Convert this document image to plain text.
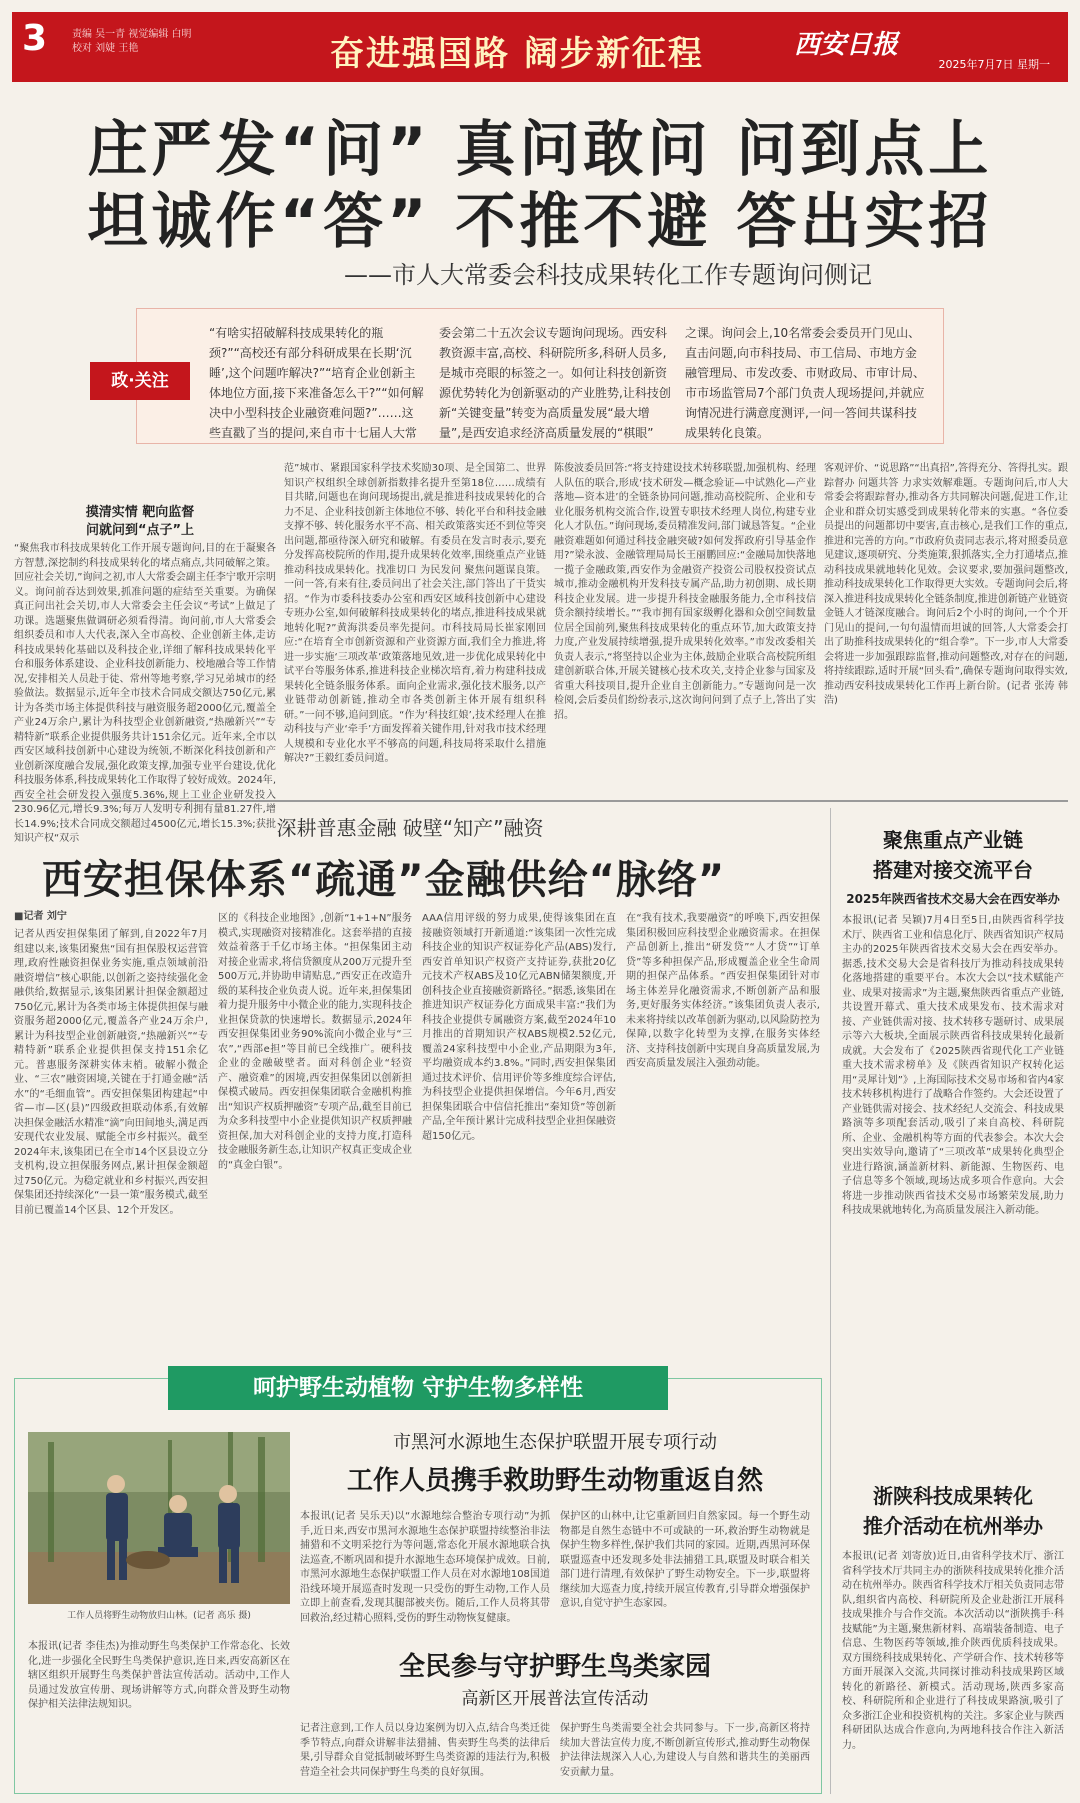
3 责编 吴一青 视觉编辑 白明
校对 刘婕 王艳	奋进强国路 阔步新征程	西安日报
2025年7月7日 星期一
庄严发“问” 真问敢问 问到点上
坦诚作“答” 不推不避 答出实招
——市人大常委会科技成果转化工作专题询问侧记
“有啥实招破解科技成果转化的瓶颈?”“高校还有部分科研成果在长期‘沉睡’,这个问题咋解决?”“培育企业创新主体地位方面,接下来准备怎么干?”“如何解决中小型科技企业融资难问题?”……这些直戳了当的提问,来自市十七届人大常
委会第二十五次会议专题询问现场。西安科教资源丰富,高校、科研院所多,科研人员多,是城市亮眼的标签之一。如何让科技创新资源优势转化为创新驱动的产业胜势,让科技创新“关键变量”转变为高质量发展“最大增量”,是西安追求经济高质量发展的“棋眼”
之课。询问会上,10名常委会委员开门见山、直击问题,向市科技局、市工信局、市地方金融管理局、市发改委、市财政局、市审计局、市市场监管局7个部门负责人现场提问,并就应询情况进行满意度测评,一问一答间共谋科技成果转化良策。
政·关注
摸清实情 靶向监督
问就问到“点子”上
“聚焦我市科技成果转化工作开展专题询问,目的在于凝聚各方智慧,深挖制约科技成果转化的堵点痛点,共同破解之策。回应社会关切,”询问之初,市人大常委会副主任李宁歌开宗明义。询问前吞达到效果,抓准问题的症结至关重要。为确保真正问出社会关切,市人大常委会主任会议“考试”上做足了功课。选题聚焦做调研必须看得清。询问前,市人大常委会组织委员和市人大代表,深入全市高校、企业创新主体,走访科技成果转化基础以及科技企业,详细了解科技成果转化平台和服务体系建设、企业科技创新能力、校地融合等工作情况,安排相关人员赴于徒、常州等地考察,学习兄弟城市的经验做法。数据显示,近年全市技术合同成交额达750亿元,累计为各类市场主体提供科技与融资服务超2000亿元,覆盖全产业24万余户,累计为科技型企业创新融资,“热融新兴”“专精特新”联系企业提供服务共计151余亿元。近年来,全市以西安区域科技创新中心建设为统领,不断深化科技创新和产业创新深度融合发展,强化政策支撑,加强专业平台建设,优化科技服务体系,科技成果转化工作取得了较好成效。2024年,西安全社会研发投入强度5.36%,规上工业企业研发投入230.96亿元,增长9.3%;每万人发明专利拥有量81.27件,增长14.9%;技术合同成交额超过4500亿元,增长15.3%;获批知识产权“双示
范”城市、紧跟国家科学技术奖励30项、是全国第二、世界知识产权组织全球创新指数排名提升至第18位……成绩有目共睹,问题也在询问现场提出,就是推进科技成果转化的合力不足、企业科技创新主体地位不够、转化平台和科技金融支撑不够、转化服务水平不高、相关政策落实还不到位等突出问题,都亟待深入研究和破解。有委员在发言时表示,要充分发挥高校院所的作用,提升成果转化效率,围绕重点产业链推动科技成果转化。找准切口 为民发问 聚焦问题谋良策。一问一答,有来有往,委员问出了社会关注,部门答出了干货实招。“作为市委科技委办公室和西安区域科技创新中心建设专班办公室,如何破解科技成果转化的堵点,推进科技成果就地转化呢?”黄海洪委员率先提问。市科技局局长崔家刚回应:“在培育全市创新资源和产业资源方面,我们全力推进,将进一步实施‘三项改革’政策落地见效,进一步优化成果转化中试平台等服务体系,推进科技企业梯次培育,着力构建科技成果转化全链条服务体系。面向企业需求,强化技术服务,以产业链带动创新链,推动全市各类创新主体开展有组织科研。”一问不够,追问到底。“作为‘科技红娘’,技术经理人在推动科技与产业‘牵手’方面发挥着关键作用,针对我市技术经理人规模和专业化水平不够高的问题,科技局将采取什么措施解决?”王毅红委员问道。
陈俊波委员回答:“将支持建设技术转移联盟,加强机构、经理人队伍的联合,形成‘技术研发—概念验证—中试熟化—产业落地—资本进’的全链条协同问题,推动高校院所、企业和专业化服务机构交流合作,设置专职技术经理人岗位,构建专业化人才队伍。”询问现场,委员精准发问,部门诚恳答复。“企业融资难题如何通过科技金融突破?如何发挥政府引导基金作用?”梁永波、金融管理局局长王丽鹏回应:“金融局加快落地一揽子金融政策,西安作为金融资产投资公司股权投资试点城市,推动金融机构开发科技专属产品,助力初创期、成长期科技企业发展。进一步提升科技金融服务能力,全市科技信贷余额持续增长。”“我市拥有国家级孵化器和众创空间数量位居全国前列,聚焦科技成果转化的重点环节,加大政策支持力度,产业发展持续增强,提升成果转化效率。”市发改委相关负责人表示,“将坚持以企业为主体,鼓励企业联合高校院所组建创新联合体,开展关键核心技术攻关,支持企业参与国家及省重大科技项目,提升企业自主创新能力。”专题询问是一次检阅,会后委员们纷纷表示,这次询问问到了点子上,答出了实招。
客观评价、“说思路”“出真招”,答得充分、答得扎实。跟踪督办 问题共答 力求实效解难题。专题询问后,市人大常委会将跟踪督办,推动各方共同解决问题,促进工作,让企业和群众切实感受到成果转化带来的实惠。“各位委员提出的问题都切中要害,直击核心,是我们工作的重点,推进和完善的方向。”市政府负责同志表示,将对照委员意见建议,逐项研究、分类施策,狠抓落实,全力打通堵点,推动科技成果就地转化见效。会议要求,要加强问题整改,推动科技成果转化工作取得更大实效。专题询问会后,将深入推进科技成果转化全链条制度,推进创新链产业链资金链人才链深度融合。询问后2个小时的询问,一个个开门见山的提问,一句句温情而坦诚的回答,人大常委会打出了助推科技成果转化的“组合拳”。下一步,市人大常委会将进一步加强跟踪监督,推动问题整改,对存在的问题,将持续跟踪,适时开展“回头看”,确保专题询问取得实效,推动西安科技成果转化工作再上新台阶。(记者 张涛 韩浩)
深耕普惠金融 破壁“知产”融资
西安担保体系“疏通”金融供给“脉络”
■记者 刘宁
记者从西安担保集团了解到,自2022年7月组建以来,该集团聚焦“国有担保股权运营管理,政府性融资担保业务实施,重点领域前沿融资增信”核心职能,以创新之姿持续强化金融供给,数据显示,该集团累计担保金额超过750亿元,累计为各类市场主体提供担保与融资服务超2000亿元,覆盖各产业24万余户,累计为科技型企业创新融资,“热融新兴”“专精特新”联系企业提供担保支持151余亿元。普惠服务深耕实体末梢。破解小微企业、“三农”融资困境,关键在于打通金融“活水”的“毛细血管”。西安担保集团构建起“中省—市—区(县)”四级政担联动体系,有效解决担保金融活水精准“滴”向田间地头,满足西安现代农业发展、赋能全市乡村振兴。截至2024年末,该集团已在全市14个区县设立分支机构,设立担保服务网点,累计担保金额超过750亿元。为稳定就业和乡村振兴,西安担保集团还持续深化“一县一策”服务模式,截至目前已覆盖14个区县、12个开发区。
区的《科技企业地图》,创新“1+1+N”服务模式,实现融资对接精准化。这套举措的直接效益着落于千亿市场主体。“担保集团主动对接企业需求,将信贷额度从200万元提升至500万元,并协助申请贴息,”西安正在改造升级的某科技企业负责人说。近年来,担保集团着力提升服务中小微企业的能力,实现科技企业担保贷款的快速增长。数据显示,2024年西安担保集团业务90%流向小微企业与“三农”,“西部e担”等目前已全线推广。硬科技企业的金融破壁者。面对科创企业“轻资产、融资难”的困境,西安担保集团以创新担保模式破局。西安担保集团联合金融机构推出“知识产权质押融资”专项产品,截至目前已为众多科技型中小企业提供知识产权质押融资担保,加大对科创企业的支持力度,打造科技金融服务新生态,让知识产权真正变成企业的“真金白银”。
AAA信用评级的努力成果,使得该集团在直接融资领域打开新通道:“该集团一次性完成科技企业的知识产权证券化产品(ABS)发行,西安首单知识产权资产支持证券,获批20亿元技术产权ABS及10亿元ABN储架额度,开创科技企业直接融资新路径。”据悉,该集团在推进知识产权证券化方面成果丰富:“我们为科技企业提供专属融资方案,截至2024年10月推出的首期知识产权ABS规模2.52亿元,覆盖24家科技型中小企业,产品期限为3年,平均融资成本约3.8%。”同时,西安担保集团通过技术评价、信用评价等多维度综合评估,为科技型企业提供担保增信。今年6月,西安担保集团联合中信信托推出“秦知贷”等创新产品,全年预计累计完成科技型企业担保融资超150亿元。
在“我有技术,我要融资”的呼唤下,西安担保集团积极回应科技型企业融资需求。在担保产品创新上,推出“研发贷”“人才贷”“订单贷”等多种担保产品,形成覆盖企业全生命周期的担保产品体系。“西安担保集团针对市场主体差异化融资需求,不断创新产品和服务,更好服务实体经济。”该集团负责人表示,未来将持续以改革创新为驱动,以风险防控为保障,以数字化转型为支撑,在服务实体经济、支持科技创新中实现自身高质量发展,为西安高质量发展注入强劲动能。
聚焦重点产业链
搭建对接交流平台
2025年陕西省技术交易大会在西安举办
本报讯(记者 吴颖)7月4日至5日,由陕西省科学技术厅、陕西省工业和信息化厅、陕西省知识产权局主办的2025年陕西省技术交易大会在西安举办。据悉,技术交易大会是省科技厅为推动科技成果转化落地搭建的重要平台。本次大会以“技术赋能产业、成果对接需求”为主题,聚焦陕西省重点产业链,共设置开幕式、重大技术成果发布、技术需求对接、产业链供需对接、技术转移专题研讨、成果展示等六大板块,全面展示陕西省科技成果转化最新成就。大会发布了《2025陕西省现代化工产业链重大技术需求榜单》及《陕西省知识产权转化运用“灵犀计划”》,上海国际技术交易市场和省内4家技术转移机构进行了战略合作签约。大会还设置了产业链供需对接会、技术经纪人交流会、科技成果路演等多项配套活动,吸引了来自高校、科研院所、企业、金融机构等方面的代表参会。本次大会突出实效导向,邀请了“三项改革”成果转化典型企业进行路演,涵盖新材料、新能源、生物医药、电子信息等多个领域,现场达成多项合作意向。大会将进一步推动陕西省技术交易市场繁荣发展,助力科技成果就地转化,为高质量发展注入新动能。
浙陕科技成果转化
推介活动在杭州举办
本报讯(记者 刘寄放)近日,由省科学技术厅、浙江省科学技术厅共同主办的浙陕科技成果转化推介活动在杭州举办。陕西省科学技术厅相关负责同志带队,组织省内高校、科研院所及企业赴浙江开展科技成果推介与合作交流。本次活动以“浙陕携手·科技赋能”为主题,聚焦新材料、高端装备制造、电子信息、生物医药等领域,推介陕西优质科技成果。双方围绕科技成果转化、产学研合作、技术转移等方面开展深入交流,共同探讨推动科技成果跨区域转化的新路径、新模式。活动现场,陕西多家高校、科研院所和企业进行了科技成果路演,吸引了众多浙江企业和投资机构的关注。多家企业与陕西科研团队达成合作意向,为两地科技合作注入新活力。
呵护野生动植物 守护生物多样性
工作人员将野生动物放归山林。(记者 高乐 摄)
市黑河水源地生态保护联盟开展专项行动
工作人员携手救助野生动物重返自然
本报讯(记者 吴乐天)以“水源地综合整治专项行动”为抓手,近日来,西安市黑河水源地生态保护联盟持续整治非法捕猎和不文明采挖行为等问题,常态化开展水源地联合执法巡查,不断巩固和提升水源地生态环境保护成效。日前,市黑河水源地生态保护联盟工作人员在对水源地108国道沿线环境开展巡查时发现一只受伤的野生动物,工作人员立即上前查看,发现其腿部被夹伤。随后,工作人员将其带回救治,经过精心照料,受伤的野生动物恢复健康。
保护区的山林中,让它重新回归自然家园。每一个野生动物都是自然生态链中不可或缺的一环,救治野生动物就是保护生物多样性,保护我们共同的家园。近期,西黑河环保联盟巡查中还发现多处非法捕猎工具,联盟及时联合相关部门进行清理,有效保护了野生动物安全。下一步,联盟将继续加大巡查力度,持续开展宣传教育,引导群众增强保护意识,自觉守护生态家园。
本报讯(记者 李佳杰)为推动野生鸟类保护工作常态化、长效化,进一步强化全民野生鸟类保护意识,连日来,西安高新区在辖区组织开展野生鸟类保护普法宣传活动。活动中,工作人员通过发放宣传册、现场讲解等方式,向群众普及野生动物保护相关法律法规知识。
全民参与守护野生鸟类家园
高新区开展普法宣传活动
记者注意到,工作人员以身边案例为切入点,结合鸟类迁徙季节特点,向群众讲解非法猎捕、售卖野生鸟类的法律后果,引导群众自觉抵制破坏野生鸟类资源的违法行为,积极营造全社会共同保护野生鸟类的良好氛围。
保护野生鸟类需要全社会共同参与。下一步,高新区将持续加大普法宣传力度,不断创新宣传形式,推动野生动物保护法律法规深入人心,为建设人与自然和谐共生的美丽西安贡献力量。
